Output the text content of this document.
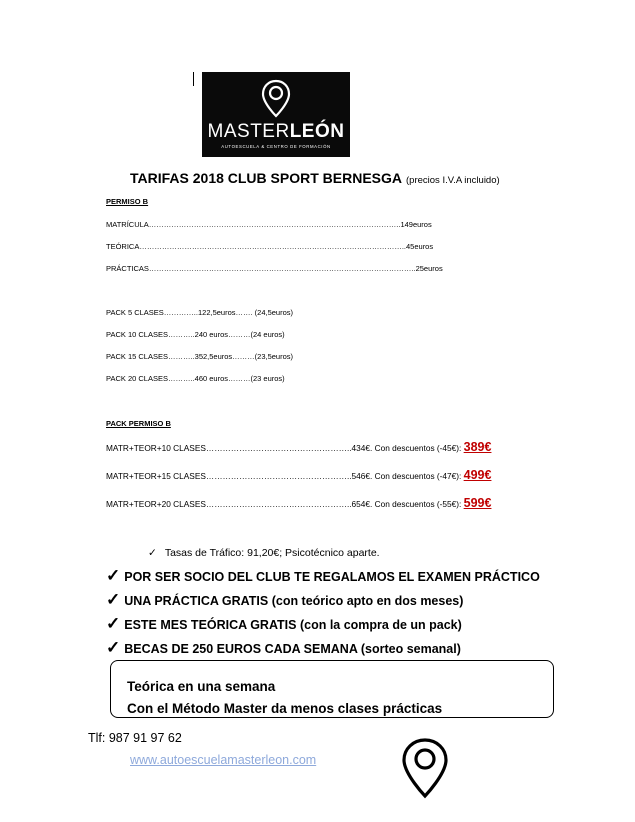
MASTERLEÓN
AUTOESCUELA & CENTRO DE FORMACIÓN
TARIFAS 2018 CLUB SPORT BERNESGA (precios I.V.A incluido)
PERMISO B
MATRÍCULA………………………………………………………………………………………..149euros
TEÓRICA……………………………………………………………………………………………..45euros
PRÁCTICAS……………………………………………………………………………………………..25euros
PACK 5 CLASES…………..122,5euros……. (24,5euros)
PACK 10 CLASES………..240 euros………(24 euros)
PACK 15 CLASES………..352,5euros………(23,5euros)
PACK 20 CLASES………..460 euros………(23 euros)
PACK PERMISO B
MATR+TEOR+10 CLASES……………………………………………..434€. Con descuentos (-45€): 389€
MATR+TEOR+15 CLASES……………………………………………..546€. Con descuentos (-47€): 499€
MATR+TEOR+20 CLASES……………………………………………..654€. Con descuentos (-55€): 599€
✓ Tasas de Tráfico: 91,20€; Psicotécnico aparte.
✓ POR SER SOCIO DEL CLUB TE REGALAMOS EL EXAMEN PRÁCTICO
✓ UNA PRÁCTICA GRATIS (con teórico apto en dos meses)
✓ ESTE MES TEÓRICA GRATIS (con la compra de un pack)
✓ BECAS DE 250 EUROS CADA SEMANA (sorteo semanal)
Teórica en una semana
Con el Método Master da menos clases prácticas
Tlf: 987 91 97 62
www.autoescuelamasterleon.com
